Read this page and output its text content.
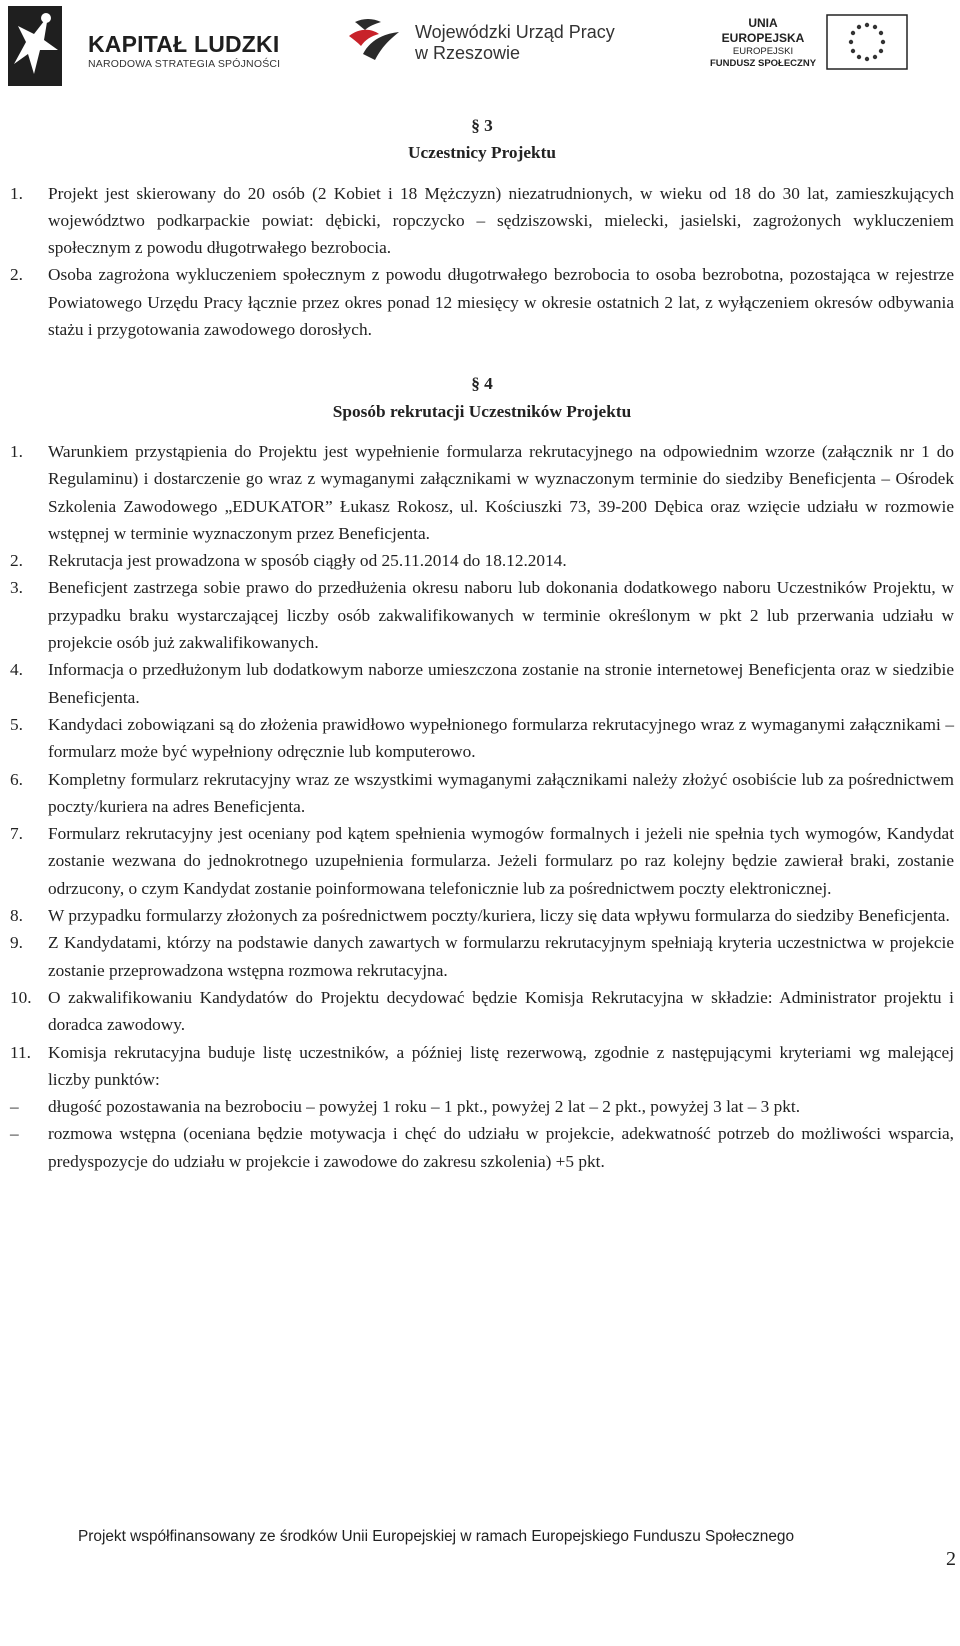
KAPITAŁ LUDZKI
NARODOWA STRATEGIA SPÓJNOŚCI
Wojewódzki Urząd Pracy
w Rzeszowie
UNIA EUROPEJSKA
EUROPEJSKI
FUNDUSZ SPOŁECZNY
§ 3
Uczestnicy Projektu
1.	Projekt jest skierowany do 20 osób (2 Kobiet i 18 Mężczyzn) niezatrudnionych, w wieku od 18 do 30 lat, zamieszkujących województwo podkarpackie powiat: dębicki, ropczycko – sędziszowski, mielecki, jasielski, zagrożonych wykluczeniem społecznym z powodu długotrwałego bezrobocia.
2.	Osoba zagrożona wykluczeniem społecznym z powodu długotrwałego bezrobocia to osoba bezrobotna, pozostająca w rejestrze Powiatowego Urzędu Pracy łącznie przez okres ponad 12 miesięcy w okresie ostatnich 2 lat, z wyłączeniem okresów odbywania stażu i przygotowania zawodowego dorosłych.
§ 4
Sposób rekrutacji Uczestników Projektu
1.	Warunkiem przystąpienia do Projektu jest wypełnienie formularza rekrutacyjnego na odpowiednim wzorze (załącznik nr 1 do Regulaminu) i dostarczenie go wraz z wymaganymi załącznikami w wyznaczonym terminie do siedziby Beneficjenta – Ośrodek Szkolenia Zawodowego „EDUKATOR” Łukasz Rokosz, ul. Kościuszki 73, 39-200 Dębica oraz wzięcie udziału w rozmowie wstępnej w terminie wyznaczonym przez Beneficjenta.
2.	Rekrutacja jest prowadzona w sposób ciągły od 25.11.2014 do 18.12.2014.
3.	Beneficjent zastrzega sobie prawo do przedłużenia okresu naboru lub dokonania dodatkowego naboru Uczestników Projektu, w przypadku braku wystarczającej liczby osób zakwalifikowanych w terminie określonym w pkt 2 lub przerwania udziału w projekcie osób już zakwalifikowanych.
4.	Informacja o przedłużonym lub dodatkowym naborze umieszczona zostanie na stronie internetowej Beneficjenta oraz w siedzibie Beneficjenta.
5.	Kandydaci zobowiązani są do złożenia prawidłowo wypełnionego formularza rekrutacyjnego wraz z wymaganymi załącznikami – formularz może być wypełniony odręcznie lub komputerowo.
6.	Kompletny formularz rekrutacyjny wraz ze wszystkimi wymaganymi załącznikami należy złożyć osobiście lub za pośrednictwem poczty/kuriera na adres Beneficjenta.
7.	Formularz rekrutacyjny jest oceniany pod kątem spełnienia wymogów formalnych i jeżeli nie spełnia tych wymogów, Kandydat zostanie wezwana do jednokrotnego uzupełnienia formularza. Jeżeli formularz po raz kolejny będzie zawierał braki, zostanie odrzucony, o czym Kandydat zostanie poinformowana telefonicznie lub za pośrednictwem poczty elektronicznej.
8.	W przypadku formularzy złożonych za pośrednictwem poczty/kuriera, liczy się data wpływu formularza do siedziby Beneficjenta.
9.	Z Kandydatami, którzy na podstawie danych zawartych w formularzu rekrutacyjnym spełniają kryteria uczestnictwa w projekcie zostanie przeprowadzona wstępna rozmowa rekrutacyjna.
10. O zakwalifikowaniu Kandydatów do Projektu decydować będzie Komisja Rekrutacyjna w składzie: Administrator projektu i doradca zawodowy.
11. Komisja rekrutacyjna buduje listę uczestników, a później listę rezerwową, zgodnie z następującymi kryteriami wg malejącej liczby punktów:
–	długość pozostawania na bezrobociu – powyżej 1 roku – 1 pkt., powyżej 2 lat – 2 pkt., powyżej 3 lat – 3 pkt.
–	rozmowa wstępna (oceniana będzie motywacja i chęć do udziału w projekcie, adekwatność potrzeb do możliwości wsparcia, predyspozycje do udziału w projekcie i zawodowe do zakresu szkolenia) +5 pkt.
Projekt współfinansowany ze środków Unii Europejskiej w ramach Europejskiego Funduszu Społecznego
2
